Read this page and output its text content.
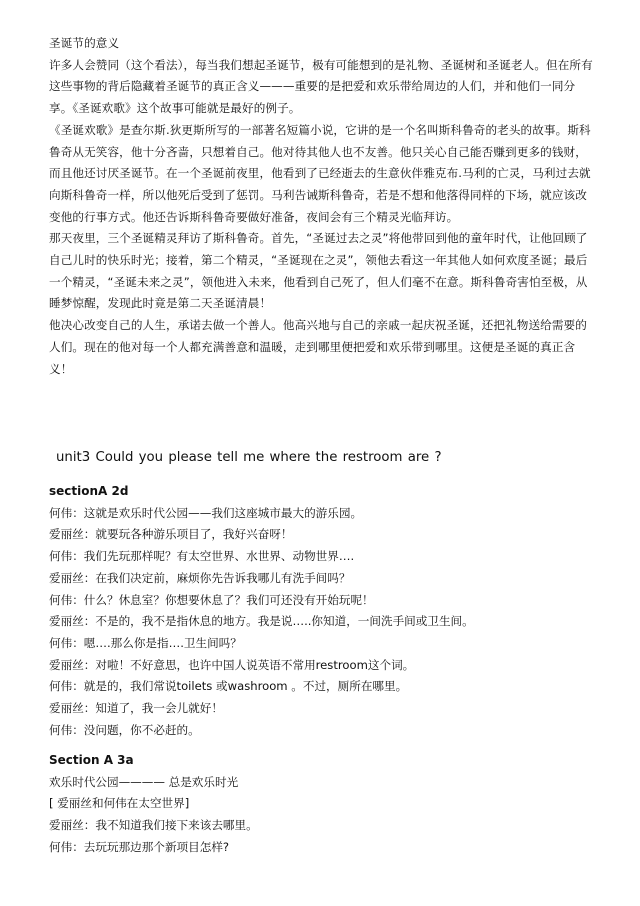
圣诞节的意义

许多人会赞同（这个看法），每当我们想起圣诞节，极有可能想到的是礼物、圣诞树和圣诞老人。但在所有这些事物的背后隐藏着圣诞节的真正含义———重要的是把爱和欢乐带给周边的人们，并和他们一同分享。《圣诞欢歌》这个故事可能就是最好的例子。

《圣诞欢歌》是查尔斯.狄更斯所写的一部著名短篇小说，它讲的是一个名叫斯科鲁奇的老头的故事。斯科鲁奇从无笑容，他十分吝啬，只想着自己。他对待其他人也不友善。他只关心自己能否赚到更多的钱财，而且他还讨厌圣诞节。在一个圣诞前夜里，他看到了已经逝去的生意伙伴雅克布.马利的亡灵，马利过去就向斯科鲁奇一样，所以他死后受到了惩罚。马利告诫斯科鲁奇，若是不想和他落得同样的下场，就应该改变他的行事方式。他还告诉斯科鲁奇要做好准备，夜间会有三个精灵光临拜访。

那天夜里，三个圣诞精灵拜访了斯科鲁奇。首先，“圣诞过去之灵”将他带回到他的童年时代，让他回顾了自己儿时的快乐时光；接着，第二个精灵，“圣诞现在之灵”，领他去看这一年其他人如何欢度圣诞；最后一个精灵，“圣诞未来之灵”，领他进入未来，他看到自己死了，但人们毫不在意。斯科鲁奇害怕至极，从睡梦惊醒，发现此时竟是第二天圣诞清晨！

他决心改变自己的人生，承诺去做一个善人。他高兴地与自己的亲戚一起庆祝圣诞，还把礼物送给需要的人们。现在的他对每一个人都充满善意和温暖，走到哪里便把爱和欢乐带到哪里。这便是圣诞的真正含义！

unit3 Could you please tell me where the restroom are ?

sectionA 2d

何伟：这就是欢乐时代公园——我们这座城市最大的游乐园。

爱丽丝：就要玩各种游乐项目了，我好兴奋呀！

何伟：我们先玩那样呢？有太空世界、水世界、动物世界….

爱丽丝：在我们决定前，麻烦你先告诉我哪儿有洗手间吗？

何伟：什么？休息室？你想要休息了？我们可还没有开始玩呢！

爱丽丝：不是的，我不是指休息的地方。我是说…..你知道，一间洗手间或卫生间。

何伟：嗯….那么你是指….卫生间吗？

爱丽丝：对啦！不好意思，也许中国人说英语不常用restroom这个词。

何伟：就是的，我们常说toilets 或washroom 。不过，厕所在哪里。

爱丽丝：知道了，我一会儿就好！

何伟：没问题，你不必赶的。

Section A 3a

欢乐时代公园———— 总是欢乐时光

[ 爱丽丝和何伟在太空世界]

爱丽丝：我不知道我们接下来该去哪里。

何伟：去玩玩那边那个新项目怎样?
